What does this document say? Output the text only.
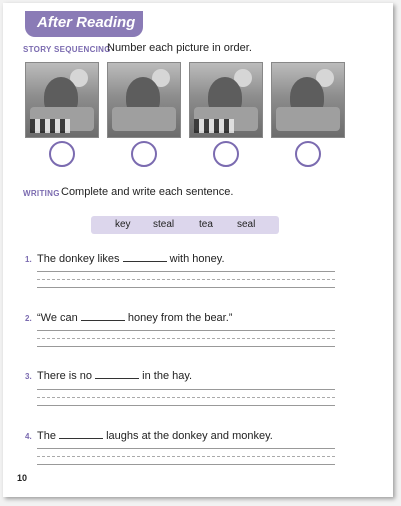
After Reading
STORY SEQUENCING
Number each picture in order.
WRITING Complete and write each sentence.
key steal tea seal
1. The donkey likes	with honey.
2. “We can	honey from the bear.”
3. There is no	in the hay.
4. The	laughs at the donkey and monkey.
10
